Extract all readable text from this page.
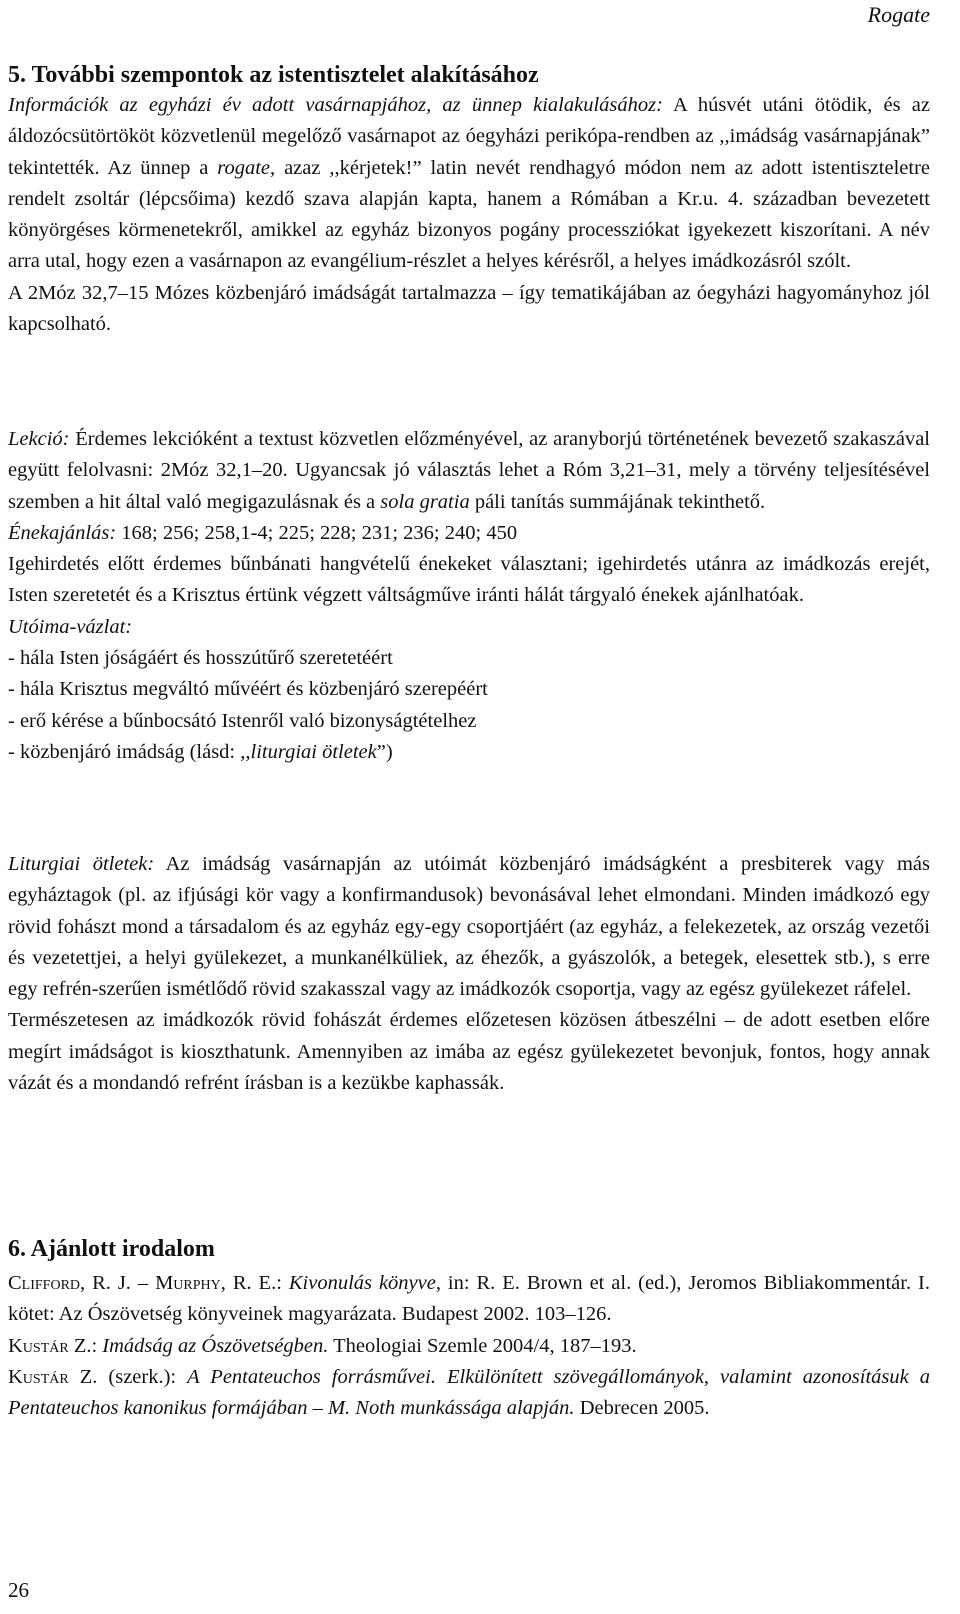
Rogate
5. További szempontok az istentisztelet alakításához

Információk az egyházi év adott vasárnapjához, az ünnep kialakulásához: A húsvét utáni ötödik, és az áldozócsütörtököt közvetlenül megelőző vasárnapot az óegyházi perikópa-rendben az ,,imádság vasárnapjának” tekintették. Az ünnep a rogate, azaz ,,kérjetek!” latin nevét rendhagyó módon nem az adott istentiszteletre rendelt zsoltár (lépcsőima) kezdő szava alapján kapta, hanem a Rómában a Kr.u. 4. században bevezetett könyörgéses körmenetekről, amikkel az egyház bizonyos pogány processziókat igyekezett kiszorítani. A név arra utal, hogy ezen a vasárnapon az evangélium-részlet a helyes kérésről, a helyes imádkozásról szólt.

A 2Móz 32,7–15 Mózes közbenjáró imádságát tartalmazza – így tematikájában az óegyházi hagyományhoz jól kapcsolható.

Lekció: Érdemes lekcióként a textust közvetlen előzményével, az aranyborjú történetének bevezető szakaszával együtt felolvasni: 2Móz 32,1–20. Ugyancsak jó választás lehet a Róm 3,21–31, mely a törvény teljesítésével szemben a hit által való megigazulásnak és a sola gratia páli tanítás summájának tekinthető.

Énekajánlás: 168; 256; 258,1-4; 225; 228; 231; 236; 240; 450

Igehirdetés előtt érdemes bűnbánati hangvételű énekeket választani; igehirdetés utánra az imádkozás erejét, Isten szeretetét és a Krisztus értünk végzett váltságműve iránti hálát tárgyaló énekek ajánlhatóak.

Utóima-vázlat:

- hála Isten jóságáért és hosszútűrő szeretetéért

- hála Krisztus megváltó művéért és közbenjáró szerepéért

- erő kérése a bűnbocsátó Istenről való bizonyságtételhez

- közbenjáró imádság (lásd: ,,liturgiai ötletek”)

Liturgiai ötletek: Az imádság vasárnapján az utóimát közbenjáró imádságként a presbiterek vagy más egyháztagok (pl. az ifjúsági kör vagy a konfirmandusok) bevonásával lehet elmondani. Minden imádkozó egy rövid fohászt mond a társadalom és az egyház egy-egy csoportjáért (az egyház, a felekezetek, az ország vezetői és vezetettjei, a helyi gyülekezet, a munkanélküliek, az éhezők, a gyászolók, a betegek, elesettek stb.), s erre egy refrén-szerűen ismétlődő rövid szakasszal vagy az imádkozók csoportja, vagy az egész gyülekezet ráfelel.

Természetesen az imádkozók rövid fohászát érdemes előzetesen közösen átbeszélni – de adott esetben előre megírt imádságot is kioszthatunk. Amennyiben az imába az egész gyülekezetet bevonjuk, fontos, hogy annak vázát és a mondandó refrént írásban is a kezükbe kaphassák.

6. Ajánlott irodalom

Clifford, R. J. – Murphy, R. E.: Kivonulás könyve, in: R. E. Brown et al. (ed.), Jeromos Bibliakommentár. I. kötet: Az Ószövetség könyveinek magyarázata. Budapest 2002. 103–126.

Kustár Z.: Imádság az Ószövetségben. Theologiai Szemle 2004/4, 187–193.

Kustár Z. (szerk.): A Pentateuchos forrásművei. Elkülönített szövegállományok, valamint azonosításuk a Pentateuchos kanonikus formájában – M. Noth munkássága alapján. Debrecen 2005.

26
